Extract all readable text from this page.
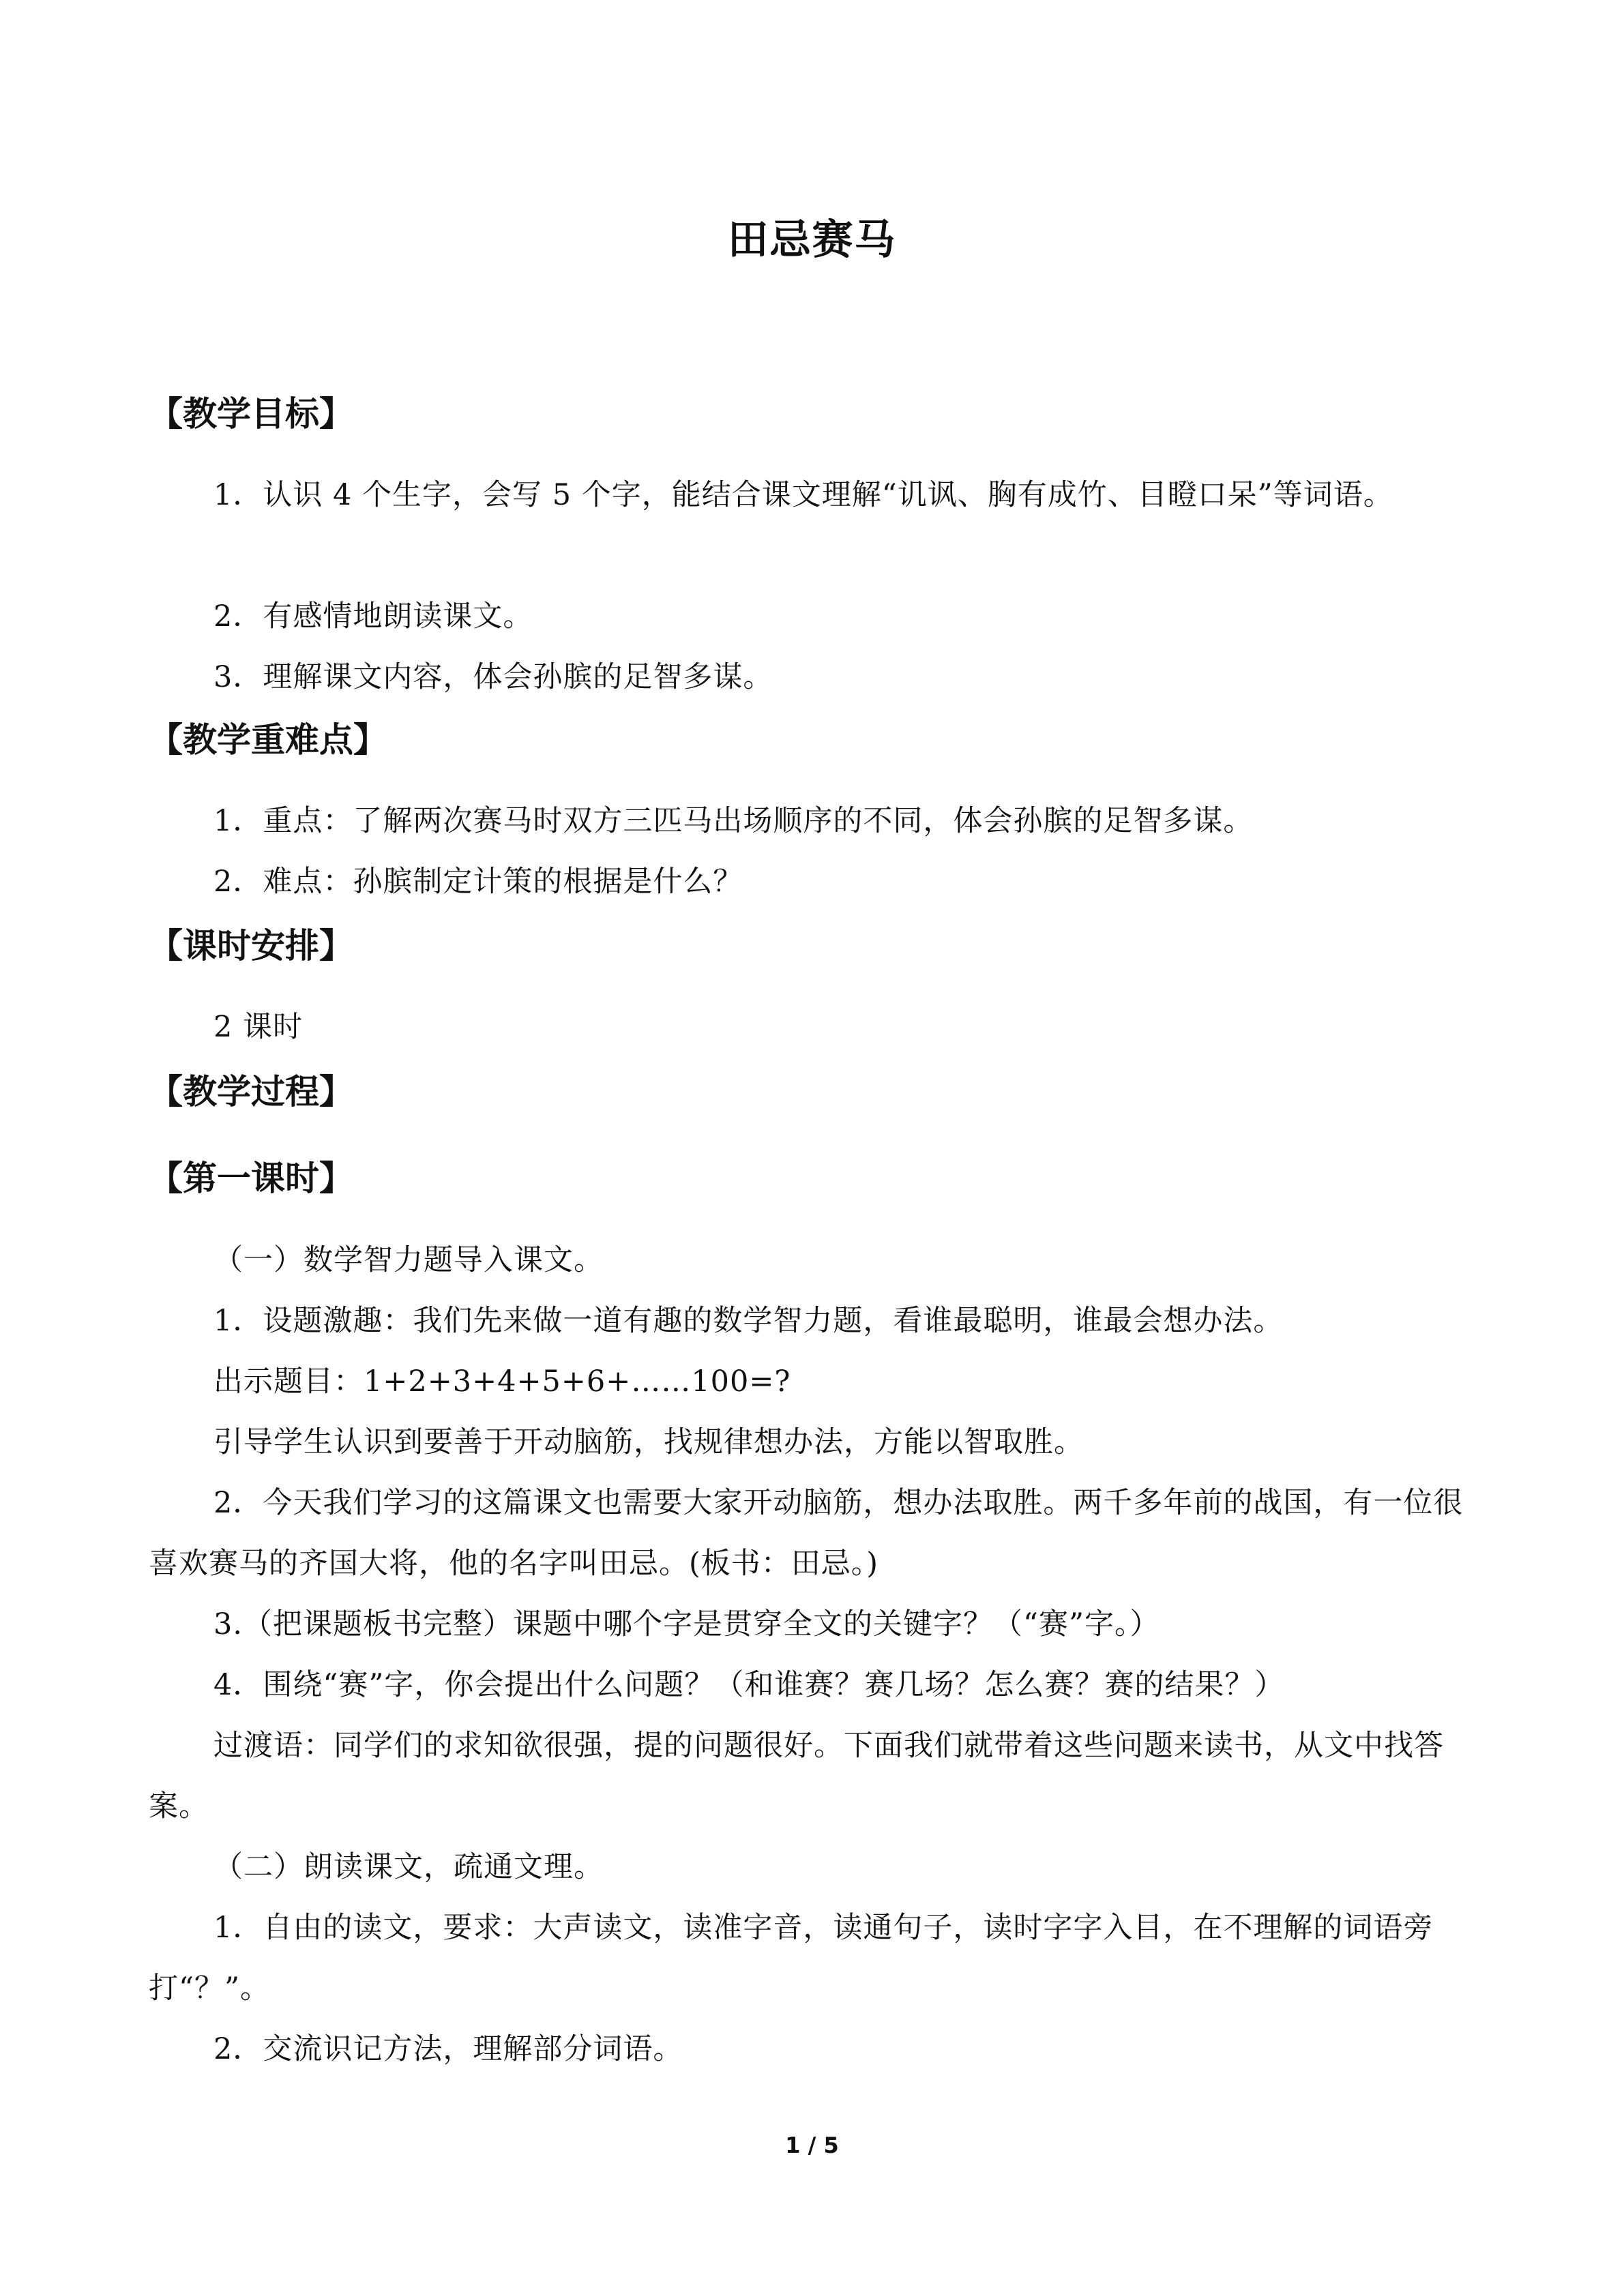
田忌赛马
【教学目标】
1．认识 4 个生字，会写 5 个字，能结合课文理解“讥讽、胸有成竹、目瞪口呆”等词语。
2．有感情地朗读课文。
3．理解课文内容，体会孙膑的足智多谋。
【教学重难点】
1．重点：了解两次赛马时双方三匹马出场顺序的不同，体会孙膑的足智多谋。
2．难点：孙膑制定计策的根据是什么？
【课时安排】
2 课时
【教学过程】
【第一课时】
（一）数学智力题导入课文。
1．设题激趣：我们先来做一道有趣的数学智力题，看谁最聪明，谁最会想办法。
出示题目：1+2+3+4+5+6+……100=?
引导学生认识到要善于开动脑筋，找规律想办法，方能以智取胜。
2．今天我们学习的这篇课文也需要大家开动脑筋，想办法取胜。两千多年前的战国，有一位很喜欢赛马的齐国大将，他的名字叫田忌。(板书：田忌。)
3.（把课题板书完整）课题中哪个字是贯穿全文的关键字？（“赛”字。）
4．围绕“赛”字，你会提出什么问题？（和谁赛？赛几场？怎么赛？赛的结果？）
过渡语：同学们的求知欲很强，提的问题很好。下面我们就带着这些问题来读书，从文中找答案。
（二）朗读课文，疏通文理。
1．自由的读文，要求：大声读文，读准字音，读通句子，读时字字入目，在不理解的词语旁打“？”。
2．交流识记方法，理解部分词语。
1 / 5
